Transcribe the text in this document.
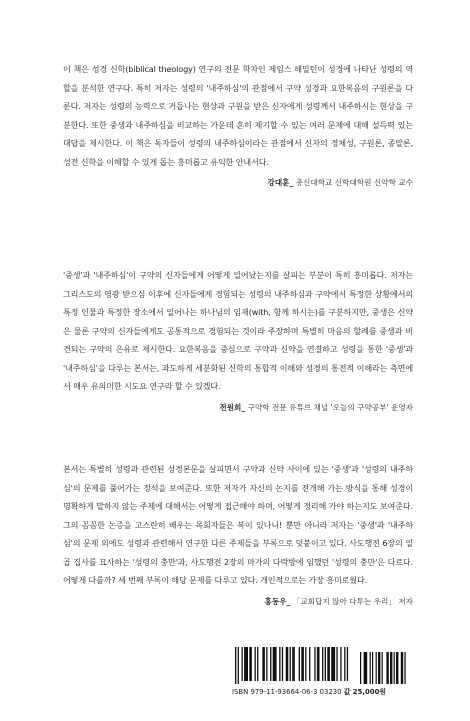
이 책은 성경 신학(biblical theology) 연구의 전문 학자인 제임스 해밀턴이 성경에 나타난 성령의 역할을 분석한 연구다. 특히 저자는 성령의 '내주하심'의 관점에서 구약 성경과 요한복음의 구원론을 다룬다. 저자는 성령의 능력으로 거듭나는 현상과 구원을 받은 신자에게 성령께서 내주하시는 현상을 구분한다. 또한 중생과 내주하심을 비교하는 가운데 흔히 제기할 수 있는 여러 문제에 대해 설득력 있는 대답을 제시한다. 이 책은 독자들이 성령의 내주하심이라는 관점에서 신자의 정체성, 구원론, 종말론, 성전 신학을 이해할 수 있게 돕는 흥미롭고 유익한 안내서다.

강대훈_ 총신대학교 신학대학원 신약학 교수

'중생'과 '내주하심'이 구약의 신자들에게 어떻게 일어났는지를 살피는 부분이 특히 흥미롭다. 저자는 그리스도의 영광 받으심 이후에 신자들에게 경험되는 성령의 내주하심과 구약에서 특정한 상황에서의 특정 인물과 특정한 장소에서 일어나는 하나님의 임재(with, 함께 하시는)를 구분하지만, 중생은 신약은 물론 구약의 신자들에게도 공통적으로 경험되는 것이라 주장하며 특별히 마음의 할례를 중생과 비견되는 구약의 은유로 제시한다. 요한복음을 중심으로 구약과 신약을 연결하고 성령을 통한 '중생'과 '내주하심'을 다루는 본서는, 과도하게 세분화된 신학의 통합적 이해와 성경의 통전적 이해라는 측면에서 매우 유의미한 시도요 연구라 할 수 있겠다.

전원희_ 구약학 전문 유튜브 채널 '오늘의 구약공부' 운영자

본서는 특별히 성령과 관련된 성경본문을 살피면서 구약과 신약 사이에 있는 '중생'과 '성령의 내주하심'의 문제를 풀어가는 정석을 보여준다. 또한 저자가 자신의 논지를 전개해 가는 방식을 통해 성경이 명확하게 말하지 않는 주제에 대해서는 어떻게 접근해야 하며, 어떻게 정리해 가야 하는지도 보여준다. 그의 꼼꼼한 논증을 고스란히 배우는 목회자들은 복이 있나니! 뿐만 아니라 저자는 '중생'과 '내주하심'의 문제 외에도 성령과 관련해서 연구한 다른 주제들을 부록으로 덧붙이고 있다. 사도행전 6장의 일곱 집사를 묘사하는 '성령의 충만'과, 사도행전 2장의 마가의 다락방에 임했던 '성령의 충만'은 다르다. 어떻게 다를까? 세 번째 부록이 해당 문제를 다루고 있다. 개인적으로는 가장 흥미로웠다.

홍동우_ 「교회답지 않아 다투는 우리」 저자
ISBN 979-11-93664-06-3 03230 값 25,000원
